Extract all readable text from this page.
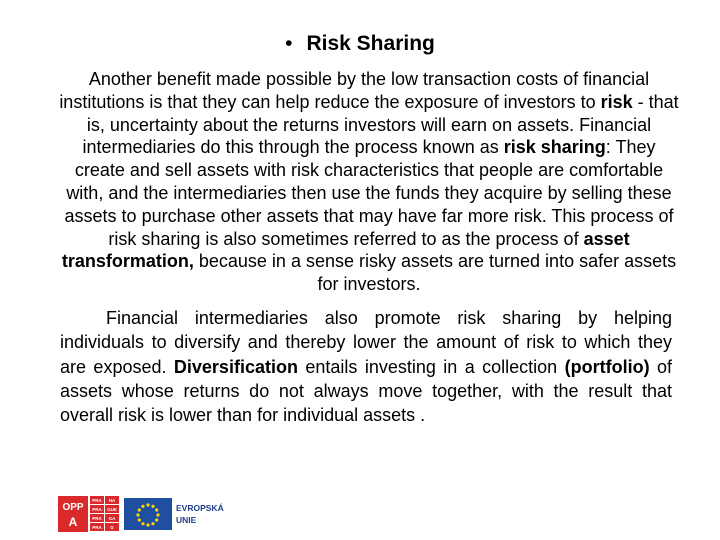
• Risk Sharing
Another benefit made possible by the low transaction costs of financial institutions is that they can help reduce the exposure of investors to risk - that is, uncertainty about the returns investors will earn on assets. Financial intermediaries do this through the process known as risk sharing: They create and sell assets with risk characteristics that people are comfortable with, and the intermediaries then use the funds they acquire by selling these assets to purchase other assets that may have far more risk. This process of risk sharing is also sometimes referred to as the process of asset transformation, because in a sense risky assets are turned into safer assets for investors.
Financial intermediaries also promote risk sharing by helping individuals to diversify and thereby lower the amount of risk to which they are exposed. Diversification entails investing in a collection (portfolio) of assets whose returns do not always move together, with the result that overall risk is lower than for individual assets .
OPP
A
PRA HA
PRA GUE
PRA GA
PRA G
EVROPSKÁ
UNIE
